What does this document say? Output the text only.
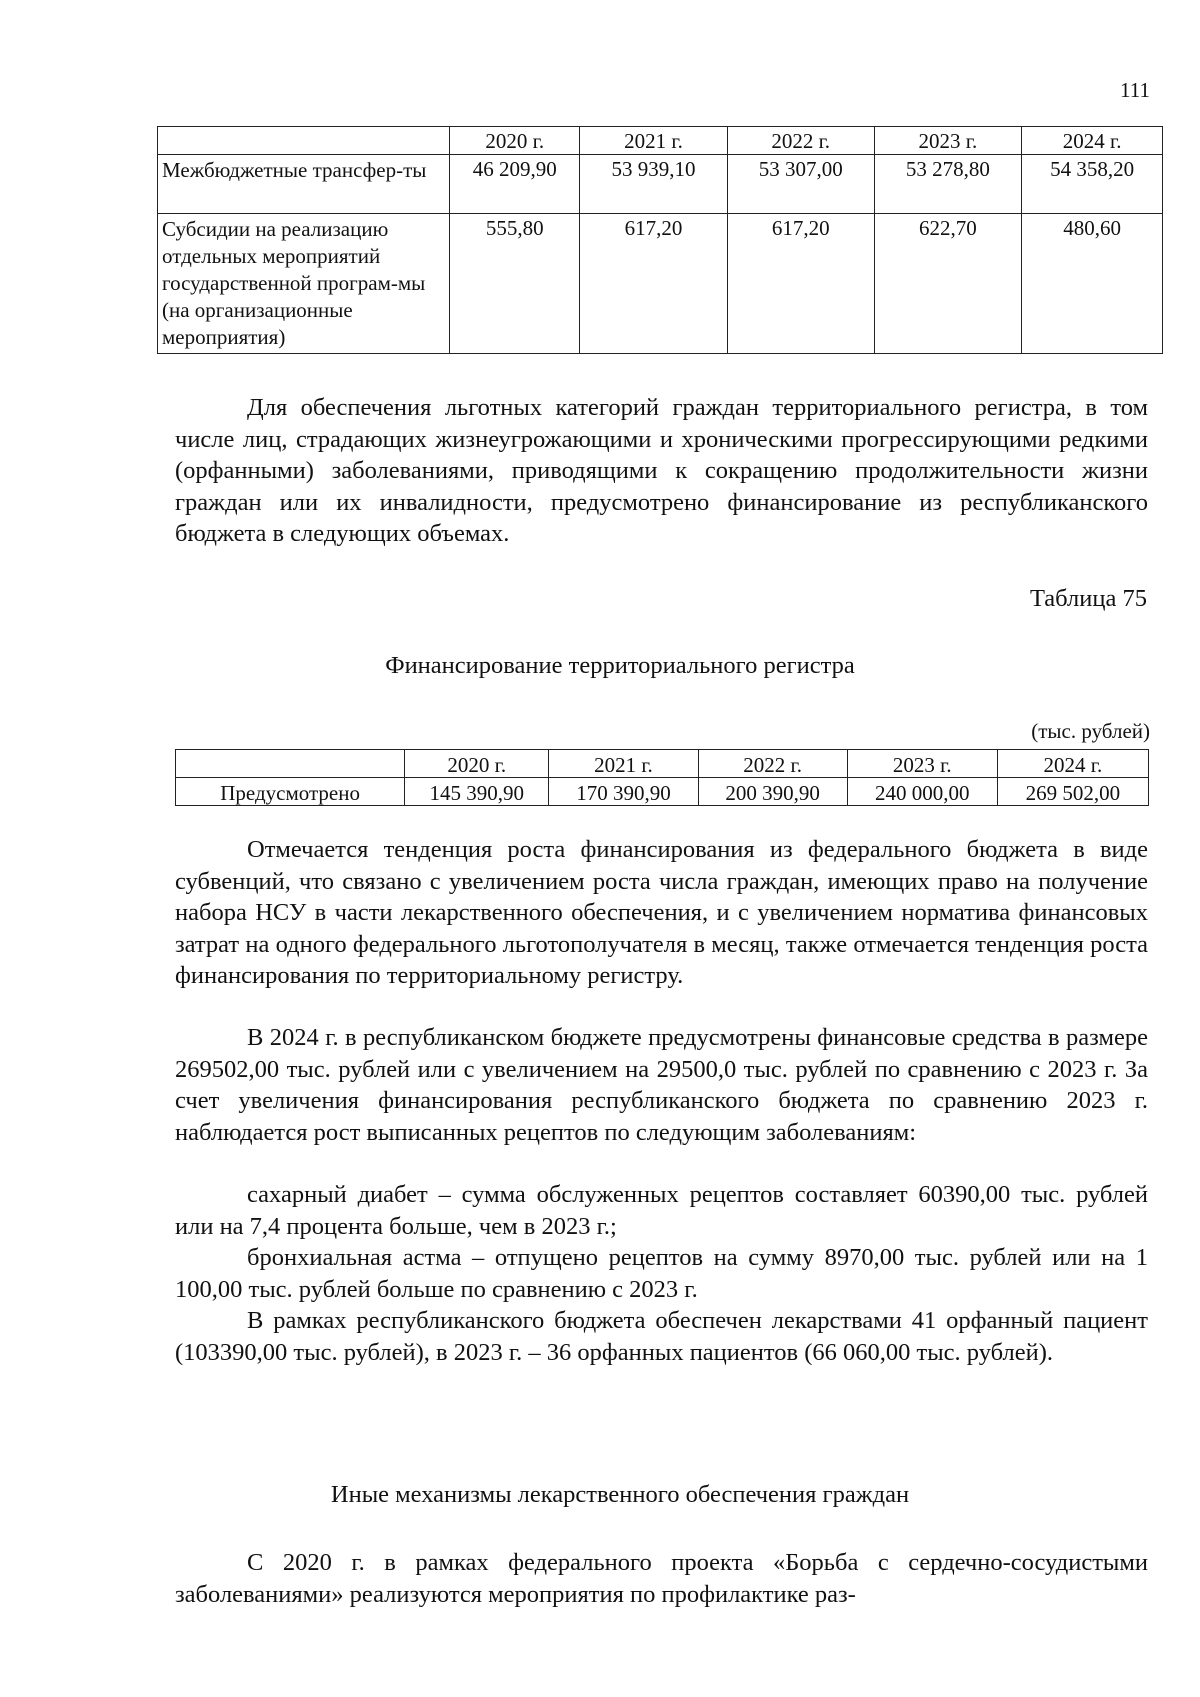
111
	2020 г.	2021 г.	2022 г.	2023 г.	2024 г.
Межбюджетные трансфер-ты	46 209,90	53 939,10	53 307,00	53 278,80	54 358,20
Субсидии на реализацию отдельных мероприятий государственной програм-мы (на организационные мероприятия)	555,80	617,20	617,20	622,70	480,60

Для обеспечения льготных категорий граждан территориального регистра, в том числе лиц, страдающих жизнеугрожающими и хроническими прогрессирующими редкими (орфанными) заболеваниями, приводящими к сокращению продолжительности жизни граждан или их инвалидности, предусмотрено финансирование из республиканского бюджета в следующих объемах.

Таблица 75
Финансирование территориального регистра
(тыс. рублей)
	2020 г.	2021 г.	2022 г.	2023 г.	2024 г.
Предусмотрено	145 390,90	170 390,90	200 390,90	240 000,00	269 502,00

Отмечается тенденция роста финансирования из федерального бюджета в виде субвенций, что связано с увеличением роста числа граждан, имеющих право на получение набора НСУ в части лекарственного обеспечения, и с увеличением норматива финансовых затрат на одного федерального льготополучателя в месяц, также отмечается тенденция роста финансирования по территориальному регистру.

В 2024 г. в республиканском бюджете предусмотрены финансовые средства в размере 269502,00 тыс. рублей или с увеличением на 29500,0 тыс. рублей по сравнению с 2023 г. За счет увеличения финансирования республиканского бюджета по сравнению 2023 г. наблюдается рост выписанных рецептов по следующим заболеваниям:

сахарный диабет – сумма обслуженных рецептов составляет 60390,00 тыс. рублей или на 7,4 процента больше, чем в 2023 г.;

бронхиальная астма – отпущено рецептов на сумму 8970,00 тыс. рублей или на 1 100,00 тыс. рублей больше по сравнению с 2023 г.

В рамках республиканского бюджета обеспечен лекарствами 41 орфанный пациент (103390,00 тыс. рублей), в 2023 г. – 36 орфанных пациентов (66 060,00 тыс. рублей).

Иные механизмы лекарственного обеспечения граждан

С 2020 г. в рамках федерального проекта «Борьба с сердечно-сосудистыми заболеваниями» реализуются мероприятия по профилактике раз-
